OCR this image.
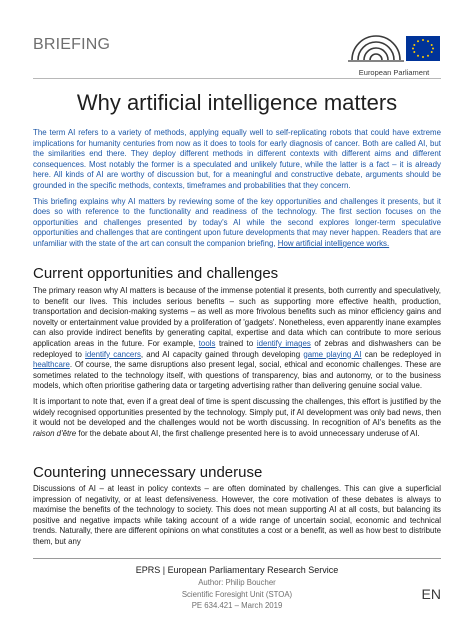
BRIEFING
European Parliament
Why artificial intelligence matters

The term AI refers to a variety of methods, applying equally well to self-replicating robots that could have extreme implications for humanity centuries from now as it does to tools for early diagnosis of cancer. Both are called AI, but the similarities end there. They deploy different methods in different contexts with different aims and different consequences. Most notably the former is a speculated and unlikely future, while the latter is a fact – it is already here. All kinds of AI are worthy of discussion but, for a meaningful and constructive debate, arguments should be grounded in the specific methods, contexts, timeframes and probabilities that they concern.

This briefing explains why AI matters by reviewing some of the key opportunities and challenges it presents, but it does so with reference to the functionality and readiness of the technology. The first section focuses on the opportunities and challenges presented by today's AI while the second explores longer-term speculative opportunities and challenges that are contingent upon future developments that may never happen. Readers that are unfamiliar with the state of the art can consult the companion briefing, How artificial intelligence works.

Current opportunities and challenges

The primary reason why AI matters is because of the immense potential it presents, both currently and speculatively, to benefit our lives. This includes serious benefits – such as supporting more effective health, production, transportation and decision-making systems – as well as more frivolous benefits such as minor efficiency gains and novelty or entertainment value provided by a proliferation of 'gadgets'. Nonetheless, even apparently inane examples can also provide indirect benefits by generating capital, expertise and data which can contribute to more serious application areas in the future. For example, tools trained to identify images of zebras and dishwashers can be redeployed to identify cancers, and AI capacity gained through developing game playing AI can be redeployed in healthcare. Of course, the same disruptions also present legal, social, ethical and economic challenges. These are sometimes related to the technology itself, with questions of transparency, bias and autonomy, or to the business models, which often prioritise gathering data or targeting advertising rather than delivering genuine social value.

It is important to note that, even if a great deal of time is spent discussing the challenges, this effort is justified by the widely recognised opportunities presented by the technology. Simply put, if AI development was only bad news, then it would not be developed and the challenges would not be worth discussing. In recognition of AI's benefits as the raison d'être for the debate about AI, the first challenge presented here is to avoid unnecessary underuse of AI.

Countering unnecessary underuse

Discussions of AI – at least in policy contexts – are often dominated by challenges. This can give a superficial impression of negativity, or at least defensiveness. However, the core motivation of these debates is always to maximise the benefits of the technology to society. This does not mean supporting AI at all costs, but balancing its positive and negative impacts while taking account of a wide range of uncertain social, economic and technical trends. Naturally, there are different opinions on what constitutes a cost or a benefit, as well as how best to distribute them, but any

EPRS | European Parliamentary Research Service
Author: Philip Boucher
Scientific Foresight Unit (STOA)
PE 634.421 – March 2019
EN
